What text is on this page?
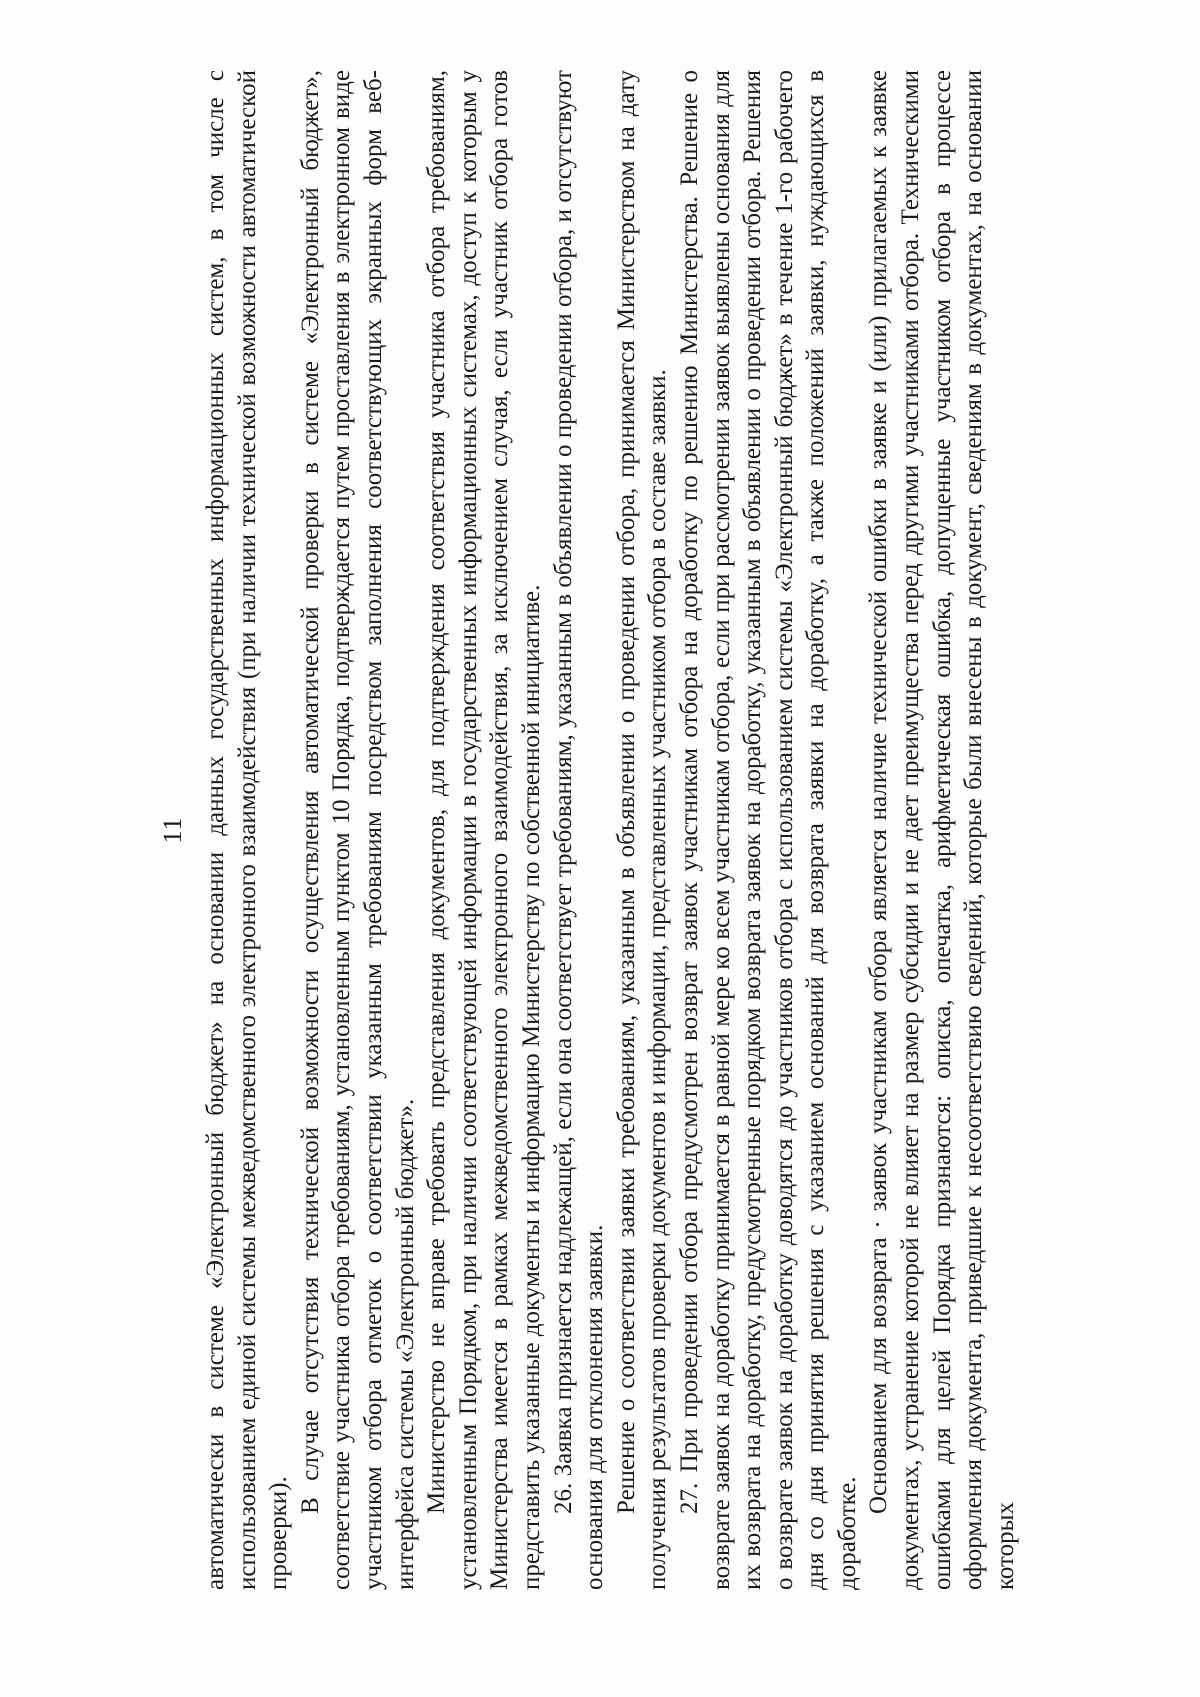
11 автоматически в системе «Электронный бюджет» на основании данных государственных информационных систем, в том числе с использованием единой системы межведомственного электронного взаимодействия (при наличии технической возможности автоматической проверки).

В случае отсутствия технической возможности осуществления автоматической проверки в системе «Электронный бюджет», соответствие участника отбора требованиям, установленным пунктом 10 Порядка, подтверждается путем проставления в электронном виде участником отбора отметок о соответствии указанным требованиям посредством заполнения соответствующих экранных форм веб-интерфейса системы «Электронный бюджет». Министерство не вправе требовать представления документов, для подтверждения соответствия участника отбора требованиям, установленным Порядком, при наличии соответствующей информации в государственных информационных системах, доступ к которым у Министерства имеется в рамках межведомственного электронного взаимодействия, за исключением случая, если участник отбора готов представить указанные документы и информацию Министерству по собственной инициативе. 26. Заявка признается надлежащей, если она соответствует требованиям, указанным в объявлении о проведении отбора, и отсутствуют основания для отклонения заявки. Решение о соответствии заявки требованиям, указанным в объявлении о проведении отбора, принимается Министерством на дату получения результатов проверки документов и информации, представленных участником отбора в составе заявки. 27. При проведении отбора предусмотрен возврат заявок участникам отбора на доработку по решению Министерства. Решение о возврате заявок на доработку принимается в равной мере ко всем участникам отбора, если при рассмотрении заявок выявлены основания для их возврата на доработку, предусмотренные порядком возврата заявок на доработку, указанным в объявлении о проведении отбора. Решения о возврате заявок на доработку доводятся до участников отбора с использованием системы «Электронный бюджет» в течение 1-го рабочего дня со дня принятия решения с указанием оснований для возврата заявки на доработку, а также положений заявки, нуждающихся в доработке.

Основанием для возврата · заявок участникам отбора является наличие технической ошибки в заявке и (или) прилагаемых к заявке документах, устранение которой не влияет на размер субсидии и не дает преимущества перед другими участниками отбора. Техническими ошибками для целей Порядка признаются: описка, опечатка, арифметическая ошибка, допущенные участником отбора в процессе оформления документа, приведшие к несоответствию сведений, которые были внесены в документ, сведениям в документах, на основании которых
